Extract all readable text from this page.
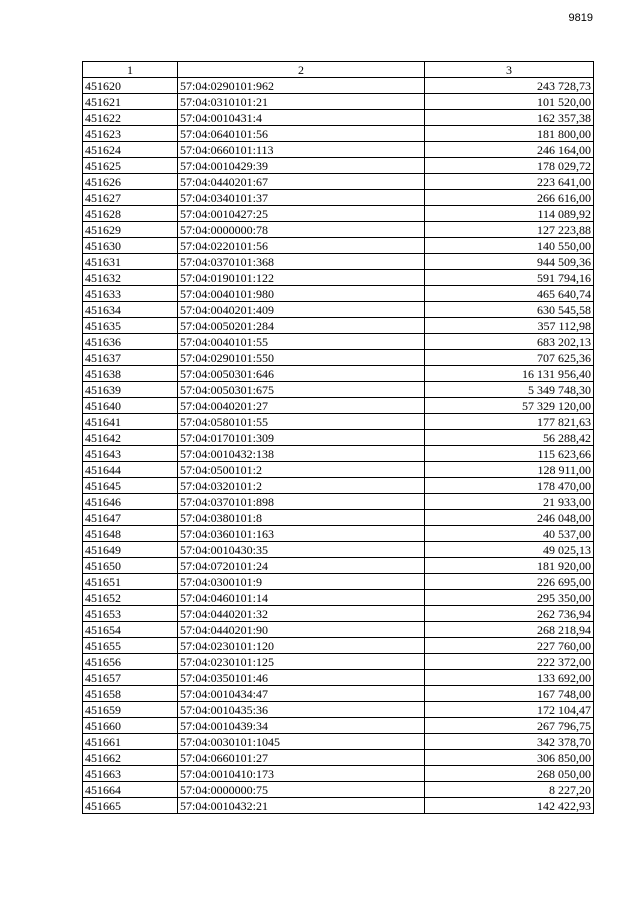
9819
1	2	3
451620	57:04:0290101:962	243 728,73
451621	57:04:0310101:21	101 520,00
451622	57:04:0010431:4	162 357,38
451623	57:04:0640101:56	181 800,00
451624	57:04:0660101:113	246 164,00
451625	57:04:0010429:39	178 029,72
451626	57:04:0440201:67	223 641,00
451627	57:04:0340101:37	266 616,00
451628	57:04:0010427:25	114 089,92
451629	57:04:0000000:78	127 223,88
451630	57:04:0220101:56	140 550,00
451631	57:04:0370101:368	944 509,36
451632	57:04:0190101:122	591 794,16
451633	57:04:0040101:980	465 640,74
451634	57:04:0040201:409	630 545,58
451635	57:04:0050201:284	357 112,98
451636	57:04:0040101:55	683 202,13
451637	57:04:0290101:550	707 625,36
451638	57:04:0050301:646	16 131 956,40
451639	57:04:0050301:675	5 349 748,30
451640	57:04:0040201:27	57 329 120,00
451641	57:04:0580101:55	177 821,63
451642	57:04:0170101:309	56 288,42
451643	57:04:0010432:138	115 623,66
451644	57:04:0500101:2	128 911,00
451645	57:04:0320101:2	178 470,00
451646	57:04:0370101:898	21 933,00
451647	57:04:0380101:8	246 048,00
451648	57:04:0360101:163	40 537,00
451649	57:04:0010430:35	49 025,13
451650	57:04:0720101:24	181 920,00
451651	57:04:0300101:9	226 695,00
451652	57:04:0460101:14	295 350,00
451653	57:04:0440201:32	262 736,94
451654	57:04:0440201:90	268 218,94
451655	57:04:0230101:120	227 760,00
451656	57:04:0230101:125	222 372,00
451657	57:04:0350101:46	133 692,00
451658	57:04:0010434:47	167 748,00
451659	57:04:0010435:36	172 104,47
451660	57:04:0010439:34	267 796,75
451661	57:04:0030101:1045	342 378,70
451662	57:04:0660101:27	306 850,00
451663	57:04:0010410:173	268 050,00
451664	57:04:0000000:75	8 227,20
451665	57:04:0010432:21	142 422,93
